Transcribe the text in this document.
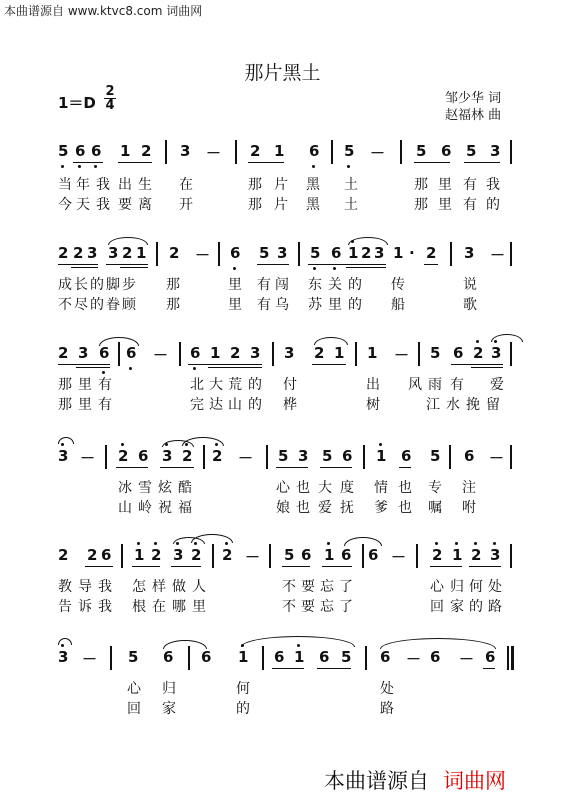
本曲谱源自 www.ktvc8.com 词曲网
那片黑土
1＝D
2
4	邹少华 词
赵福林 曲
5 6 6 1 2 3 － 2 1 6 5 － 5 6 5 3
当 年 我 出 生 在	那 片 黑 土	那 里 有 我
今 天 我 要 离 开	那 片 黑 土	那 里 有 的
2 2 3 3 2 1 2 － 6 5 3 5 6 1 2 3 1 · 2 3 －
成 长 的 脚 步 那	里 有 闯 东 关 的 传	说
不 尽 的 眷 顾 那	里 有 乌 苏 里 的 船	歌
2 3 6 6 － 6 1 2 3 3 2 1 1 － 5 6 2 3
那 里 有	北 大 荒 的 付	出 风 雨 有 爱
那 里 有	完 达 山 的 桦	树	江 水 挽 留
3 － 2 6 3 2 2 － 5 3 5 6 1 6 5 6 －
冰 雪 炫 酷	心 也 大 度 情 也 专 注
山 岭 祝 福	娘 也 爱 抚 爹 也 嘱 咐
2 2 6 1 2 3 2 2 － 5 6 1 6 6 － 2 1 2 3
教 导 我 怎 样 做 人	不 要 忘 了	心 归 何 处
告 诉 我 根 在 哪 里	不 要 忘 了	回 家 的 路
3 － 5 6 6 1 6 1 6 5 6 － 6 － 6
心 归	何	处
回 家	的	路
本曲谱源自 词曲网
